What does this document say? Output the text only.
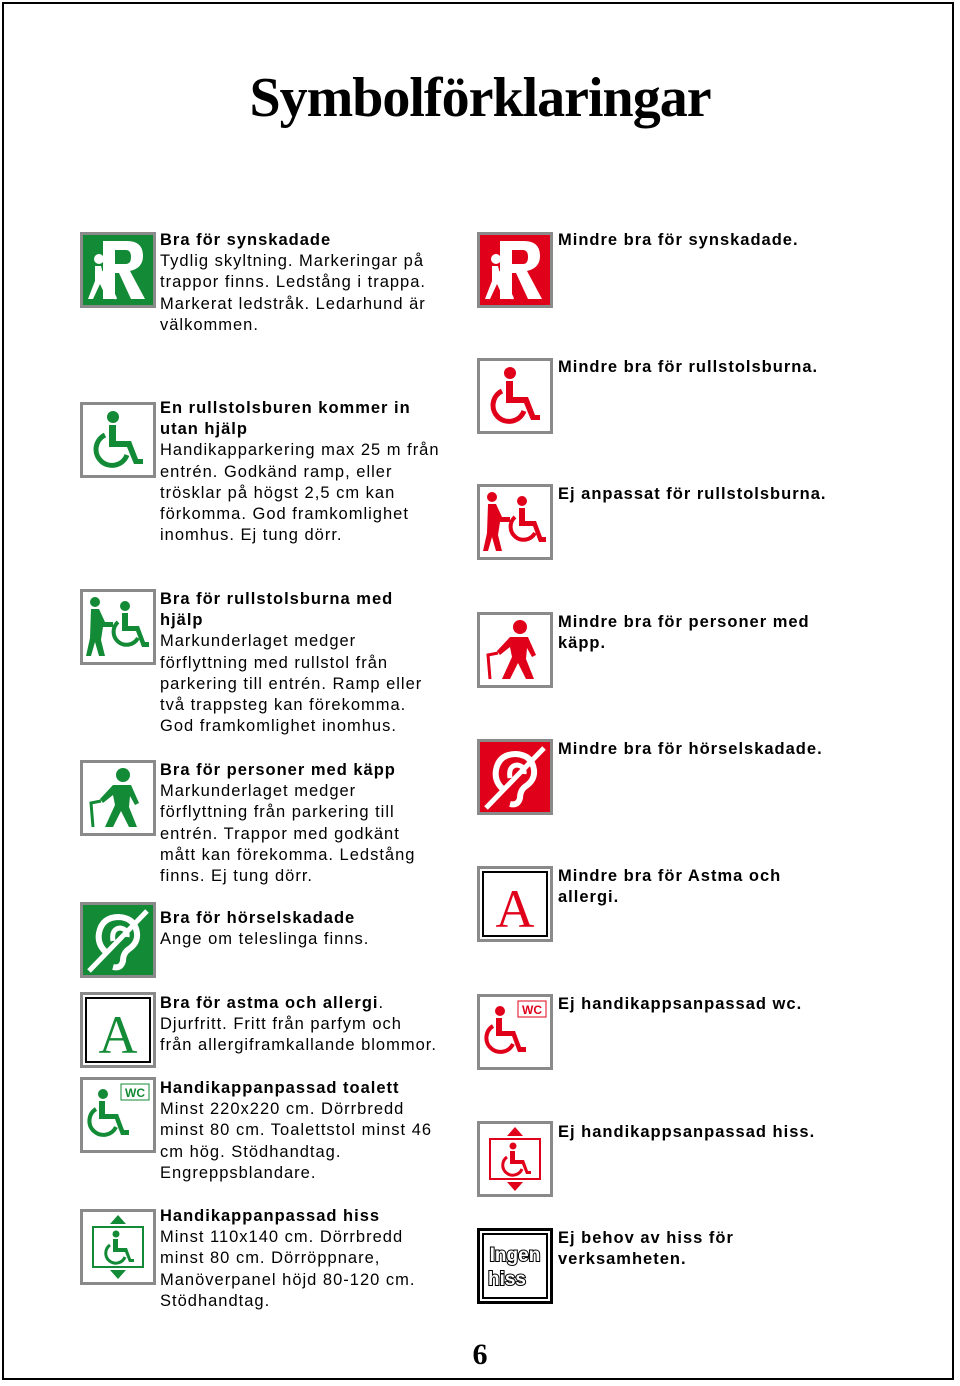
Symbolförklaringar
Bra för synskadade
Tydlig skyltning. Markeringar på
trappor finns. Ledstång i trappa.
Markerat ledstråk. Ledarhund är
välkommen.
En rullstolsburen kommer in
utan hjälp
Handikapparkering max 25 m från
entrén. Godkänd ramp, eller
trösklar på högst 2,5 cm kan
förkomma. God framkomlighet
inomhus. Ej tung dörr.
Bra för rullstolsburna med
hjälp
Markunderlaget medger
förflyttning med rullstol från
parkering till entrén. Ramp eller
två trappsteg kan förekomma.
God framkomlighet inomhus.
Bra för personer med käpp
Markunderlaget medger
förflyttning från parkering till
entrén. Trappor med godkänt
mått kan förekomma. Ledstång
finns. Ej tung dörr.
Bra för hörselskadade
Ange om teleslinga finns.
A
Bra för astma och allergi.
Djurfritt. Fritt från parfym och
från allergiframkallande blommor.
WC Handikappanpassad toalett
Minst 220x220 cm. Dörrbredd
minst 80 cm. Toalettstol minst 46
cm hög. Stödhandtag.
Engreppsblandare.
Handikappanpassad hiss
Minst 110x140 cm. Dörrbredd
minst 80 cm. Dörröppnare,
Manöverpanel höjd 80-120 cm.
Stödhandtag.
Mindre bra för synskadade.
Mindre bra för rullstolsburna.
Ej anpassat för rullstolsburna.
Mindre bra för personer med
käpp.
Mindre bra för hörselskadade.
A
Mindre bra för Astma och
allergi.
WC Ej handikappsanpassad wc.
Ej handikappsanpassad hiss.
Ingen
hiss
Ej behov av hiss för
verksamheten.
6
